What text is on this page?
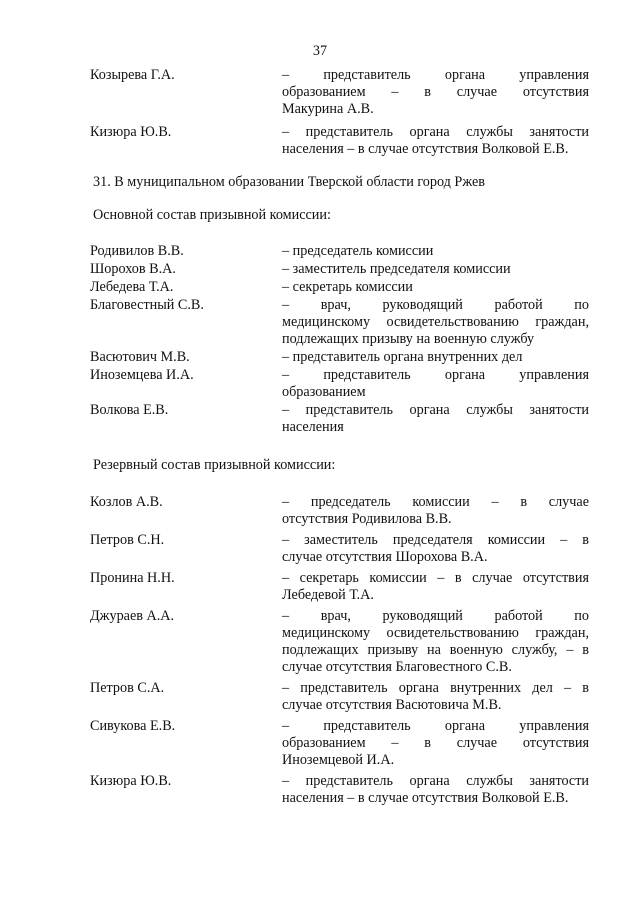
37
Козырева Г.А.	– представитель органа управления

образованием – в случае отсутствия

Макурина А.В.

Кизюра Ю.В.	– представитель органа службы занятости

населения – в случае отсутствия Волковой Е.В.

31. В муниципальном образовании Тверской области город Ржев
Основной состав призывной комиссии:
Родивилов В.В.	– председатель комиссии

Шорохов В.А.	– заместитель председателя комиссии

Лебедева Т.А.	– секретарь комиссии

Благовестный С.В.	– врач, руководящий работой по

медицинскому освидетельствованию граждан,

подлежащих призыву на военную службу

Васютович М.В.	– представитель органа внутренних дел

Иноземцева И.А.	– представитель органа управления

образованием

Волкова Е.В.	– представитель органа службы занятости

населения

Резервный состав призывной комиссии:
Козлов А.В.	– председатель комиссии – в случае

отсутствия Родивилова В.В.

Петров С.Н.	– заместитель председателя комиссии – в

случае отсутствия Шорохова В.А.

Пронина Н.Н.	– секретарь комиссии – в случае отсутствия

Лебедевой Т.А.

Джураев А.А.	– врач, руководящий работой по

медицинскому освидетельствованию граждан,

подлежащих призыву на военную службу, – в

случае отсутствия Благовестного С.В.

Петров С.А.	– представитель органа внутренних дел – в

случае отсутствия Васютовича М.В.

Сивукова Е.В.	– представитель органа управления

образованием – в случае отсутствия

Иноземцевой И.А.

Кизюра Ю.В.	– представитель органа службы занятости

населения – в случае отсутствия Волковой Е.В.
